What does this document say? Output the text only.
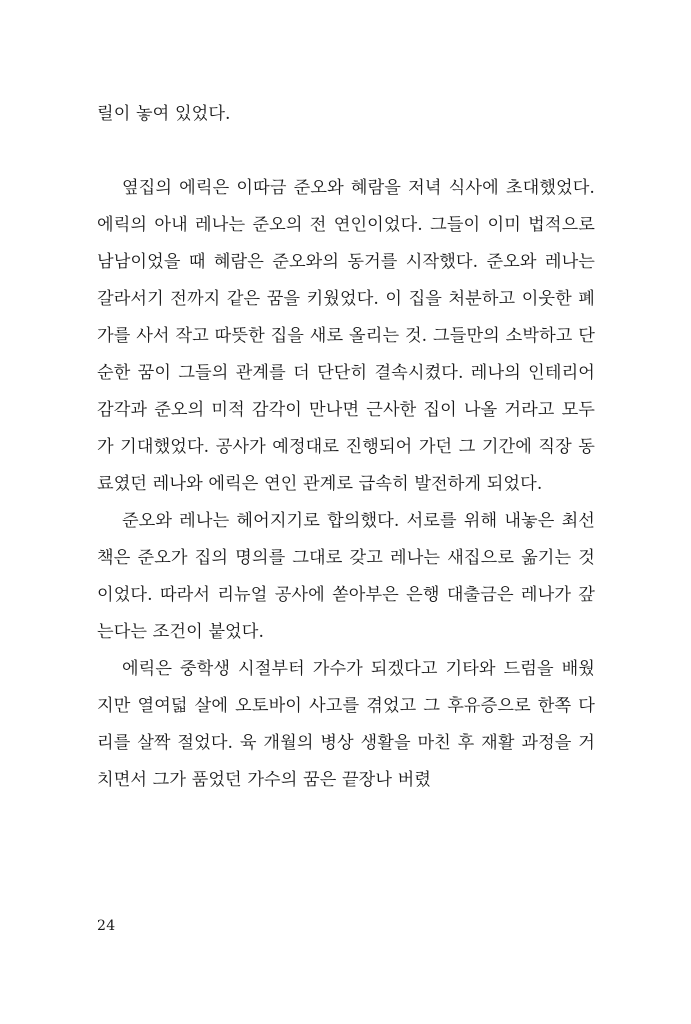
릴이 놓여 있었다.

옆집의 에릭은 이따금 준오와 혜람을 저녁 식사에 초대했었다. 에릭의 아내 레나는 준오의 전 연인이었다. 그들이 이미 법적으로 남남이었을 때 혜람은 준오와의 동거를 시작했다. 준오와 레나는 갈라서기 전까지 같은 꿈을 키웠었다. 이 집을 처분하고 이웃한 폐가를 사서 작고 따뜻한 집을 새로 올리는 것. 그들만의 소박하고 단순한 꿈이 그들의 관계를 더 단단히 결속시켰다. 레나의 인테리어 감각과 준오의 미적 감각이 만나면 근사한 집이 나올 거라고 모두가 기대했었다. 공사가 예정대로 진행되어 가던 그 기간에 직장 동료였던 레나와 에릭은 연인 관계로 급속히 발전하게 되었다.

준오와 레나는 헤어지기로 합의했다. 서로를 위해 내놓은 최선책은 준오가 집의 명의를 그대로 갖고 레나는 새집으로 옮기는 것이었다. 따라서 리뉴얼 공사에 쏟아부은 은행 대출금은 레나가 갚는다는 조건이 붙었다.

에릭은 중학생 시절부터 가수가 되겠다고 기타와 드럼을 배웠지만 열여덟 살에 오토바이 사고를 겪었고 그 후유증으로 한쪽 다리를 살짝 절었다. 육 개월의 병상 생활을 마친 후 재활 과정을 거치면서 그가 품었던 가수의 꿈은 끝장나 버렸

24
